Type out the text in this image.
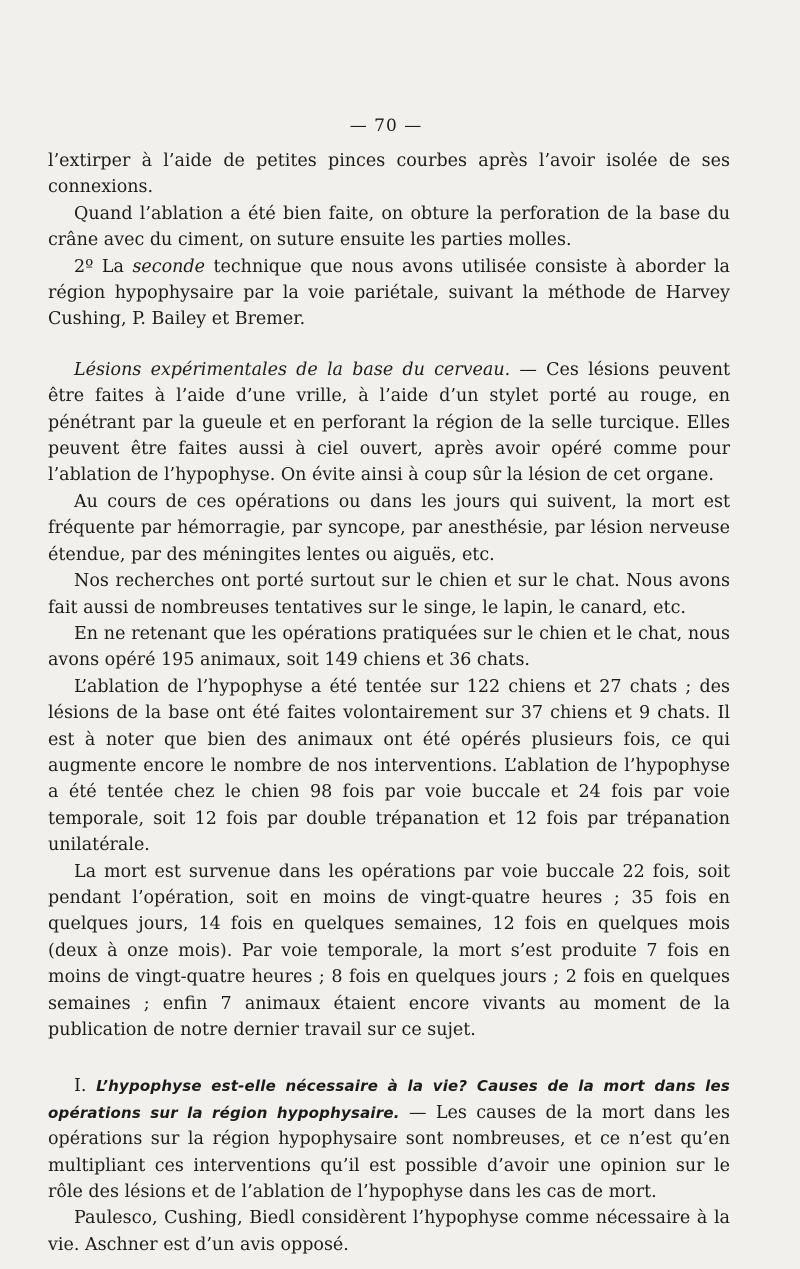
— 70 —

l’extirper à l’aide de petites pinces courbes après l’avoir isolée de ses connexions.

Quand l’ablation a été bien faite, on obture la perforation de la base du crâne avec du ciment, on suture ensuite les parties molles.

2º La seconde technique que nous avons utilisée consiste à aborder la région hypophysaire par la voie pariétale, suivant la méthode de Harvey Cushing, P. Bailey et Bremer.

Lésions expérimentales de la base du cerveau. — Ces lésions peuvent être faites à l’aide d’une vrille, à l’aide d’un stylet porté au rouge, en pénétrant par la gueule et en perforant la région de la selle turcique. Elles peuvent être faites aussi à ciel ouvert, après avoir opéré comme pour l’ablation de l’hypophyse. On évite ainsi à coup sûr la lésion de cet organe.

Au cours de ces opérations ou dans les jours qui suivent, la mort est fréquente par hémorragie, par syncope, par anesthésie, par lésion nerveuse étendue, par des méningites lentes ou aiguës, etc.

Nos recherches ont porté surtout sur le chien et sur le chat. Nous avons fait aussi de nombreuses tentatives sur le singe, le lapin, le canard, etc.

En ne retenant que les opérations pratiquées sur le chien et le chat, nous avons opéré 195 animaux, soit 149 chiens et 36 chats.

L’ablation de l’hypophyse a été tentée sur 122 chiens et 27 chats ; des lésions de la base ont été faites volontairement sur 37 chiens et 9 chats. Il est à noter que bien des animaux ont été opérés plusieurs fois, ce qui augmente encore le nombre de nos interventions. L’ablation de l’hypophyse a été tentée chez le chien 98 fois par voie buccale et 24 fois par voie temporale, soit 12 fois par double trépanation et 12 fois par trépanation unilatérale.

La mort est survenue dans les opérations par voie buccale 22 fois, soit pendant l’opération, soit en moins de vingt-quatre heures ; 35 fois en quelques jours, 14 fois en quelques semaines, 12 fois en quelques mois (deux à onze mois). Par voie temporale, la mort s’est produite 7 fois en moins de vingt-quatre heures ; 8 fois en quelques jours ; 2 fois en quelques semaines ; enfin 7 animaux étaient encore vivants au moment de la publication de notre dernier travail sur ce sujet.

I. L’hypophyse est-elle nécessaire à la vie? Causes de la mort dans les opérations sur la région hypophysaire. — Les causes de la mort dans les opérations sur la région hypophysaire sont nombreuses, et ce n’est qu’en multipliant ces interventions qu’il est possible d’avoir une opinion sur le rôle des lésions et de l’ablation de l’hypophyse dans les cas de mort.

Paulesco, Cushing, Biedl considèrent l’hypophyse comme nécessaire à la vie. Aschner est d’un avis opposé.
